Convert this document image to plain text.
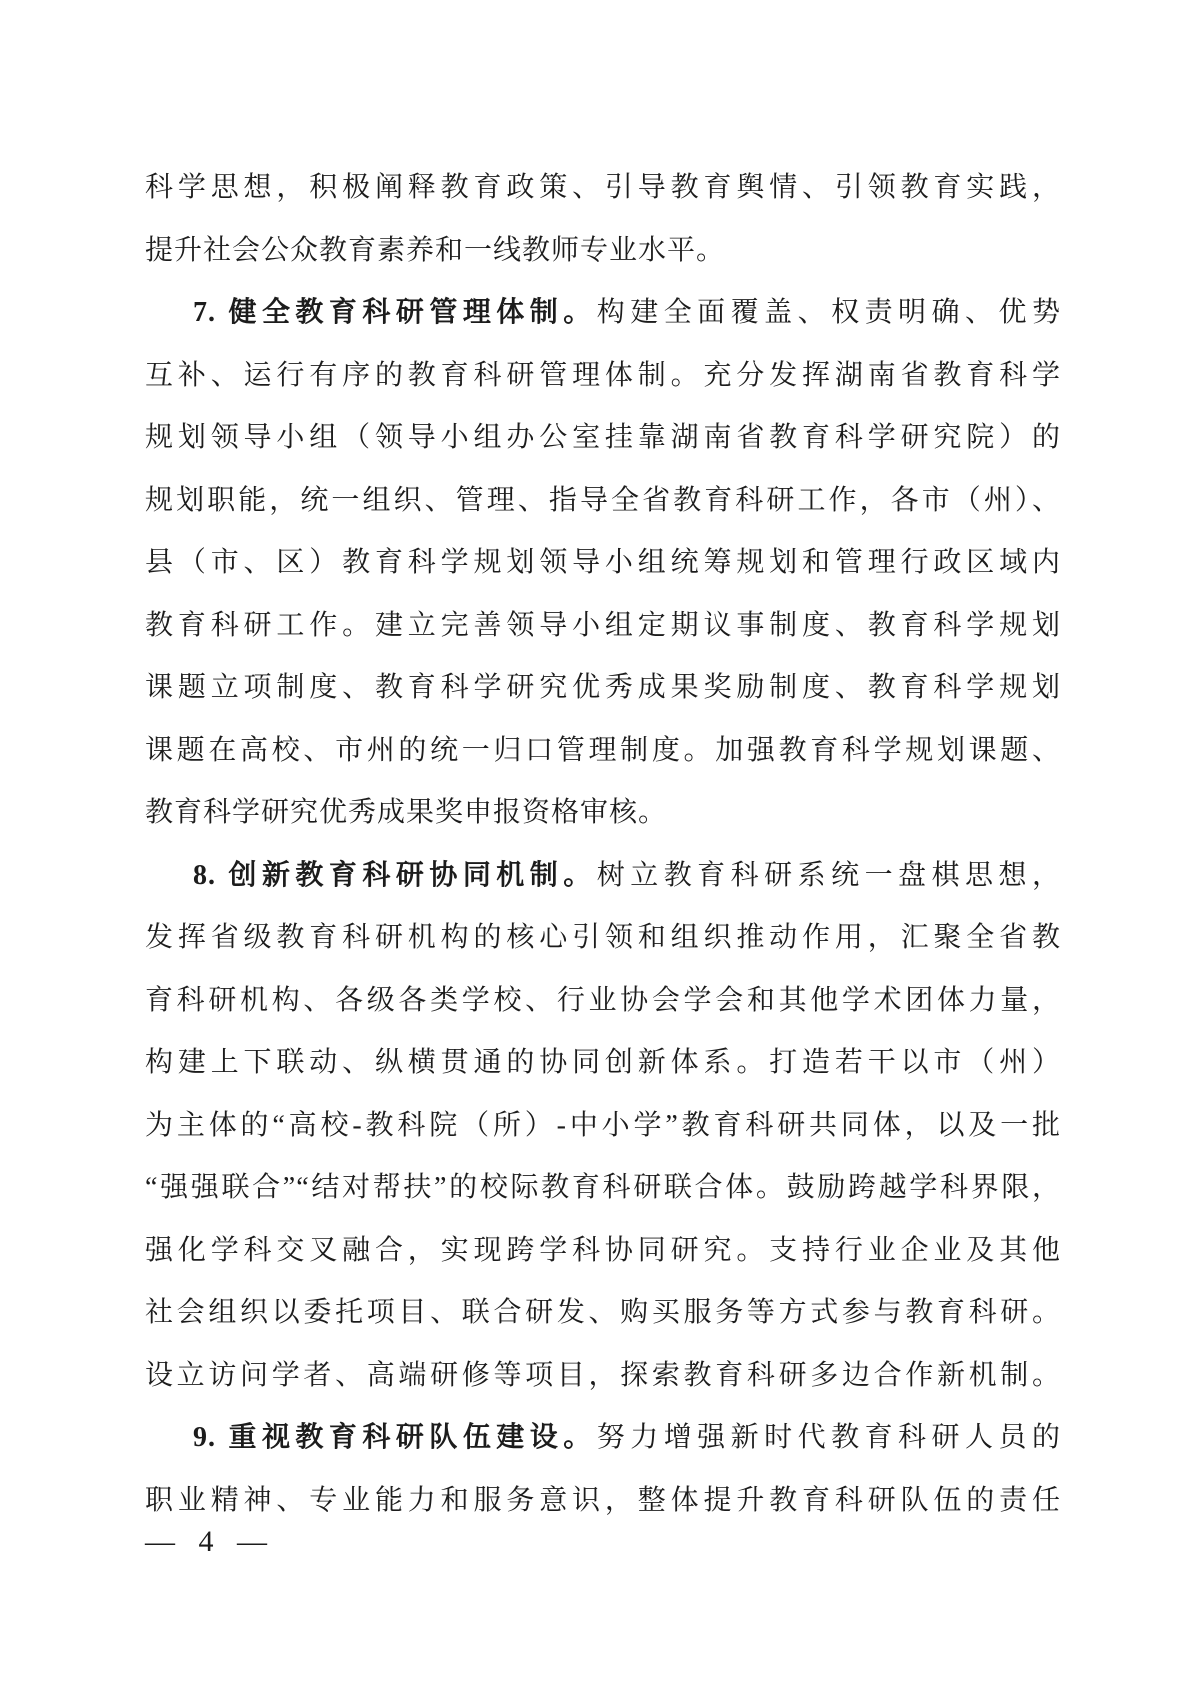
科学思想，积极阐释教育政策、引导教育舆情、引领教育实践，
提升社会公众教育素养和一线教师专业水平。
7. 健全教育科研管理体制。构建全面覆盖、权责明确、优势
互补、运行有序的教育科研管理体制。充分发挥湖南省教育科学
规划领导小组（领导小组办公室挂靠湖南省教育科学研究院）的
规划职能，统一组织、管理、指导全省教育科研工作，各市（州）、
县（市、区）教育科学规划领导小组统筹规划和管理行政区域内
教育科研工作。建立完善领导小组定期议事制度、教育科学规划
课题立项制度、教育科学研究优秀成果奖励制度、教育科学规划
课题在高校、市州的统一归口管理制度。加强教育科学规划课题、
教育科学研究优秀成果奖申报资格审核。
8. 创新教育科研协同机制。树立教育科研系统一盘棋思想，
发挥省级教育科研机构的核心引领和组织推动作用，汇聚全省教
育科研机构、各级各类学校、行业协会学会和其他学术团体力量，
构建上下联动、纵横贯通的协同创新体系。打造若干以市（州）
为主体的“高校-教科院（所）-中小学”教育科研共同体，以及一批
“强强联合”“结对帮扶”的校际教育科研联合体。鼓励跨越学科界限，
强化学科交叉融合，实现跨学科协同研究。支持行业企业及其他
社会组织以委托项目、联合研发、购买服务等方式参与教育科研。
设立访问学者、高端研修等项目，探索教育科研多边合作新机制。
9. 重视教育科研队伍建设。努力增强新时代教育科研人员的
职业精神、专业能力和服务意识，整体提升教育科研队伍的责任
— 4 —
